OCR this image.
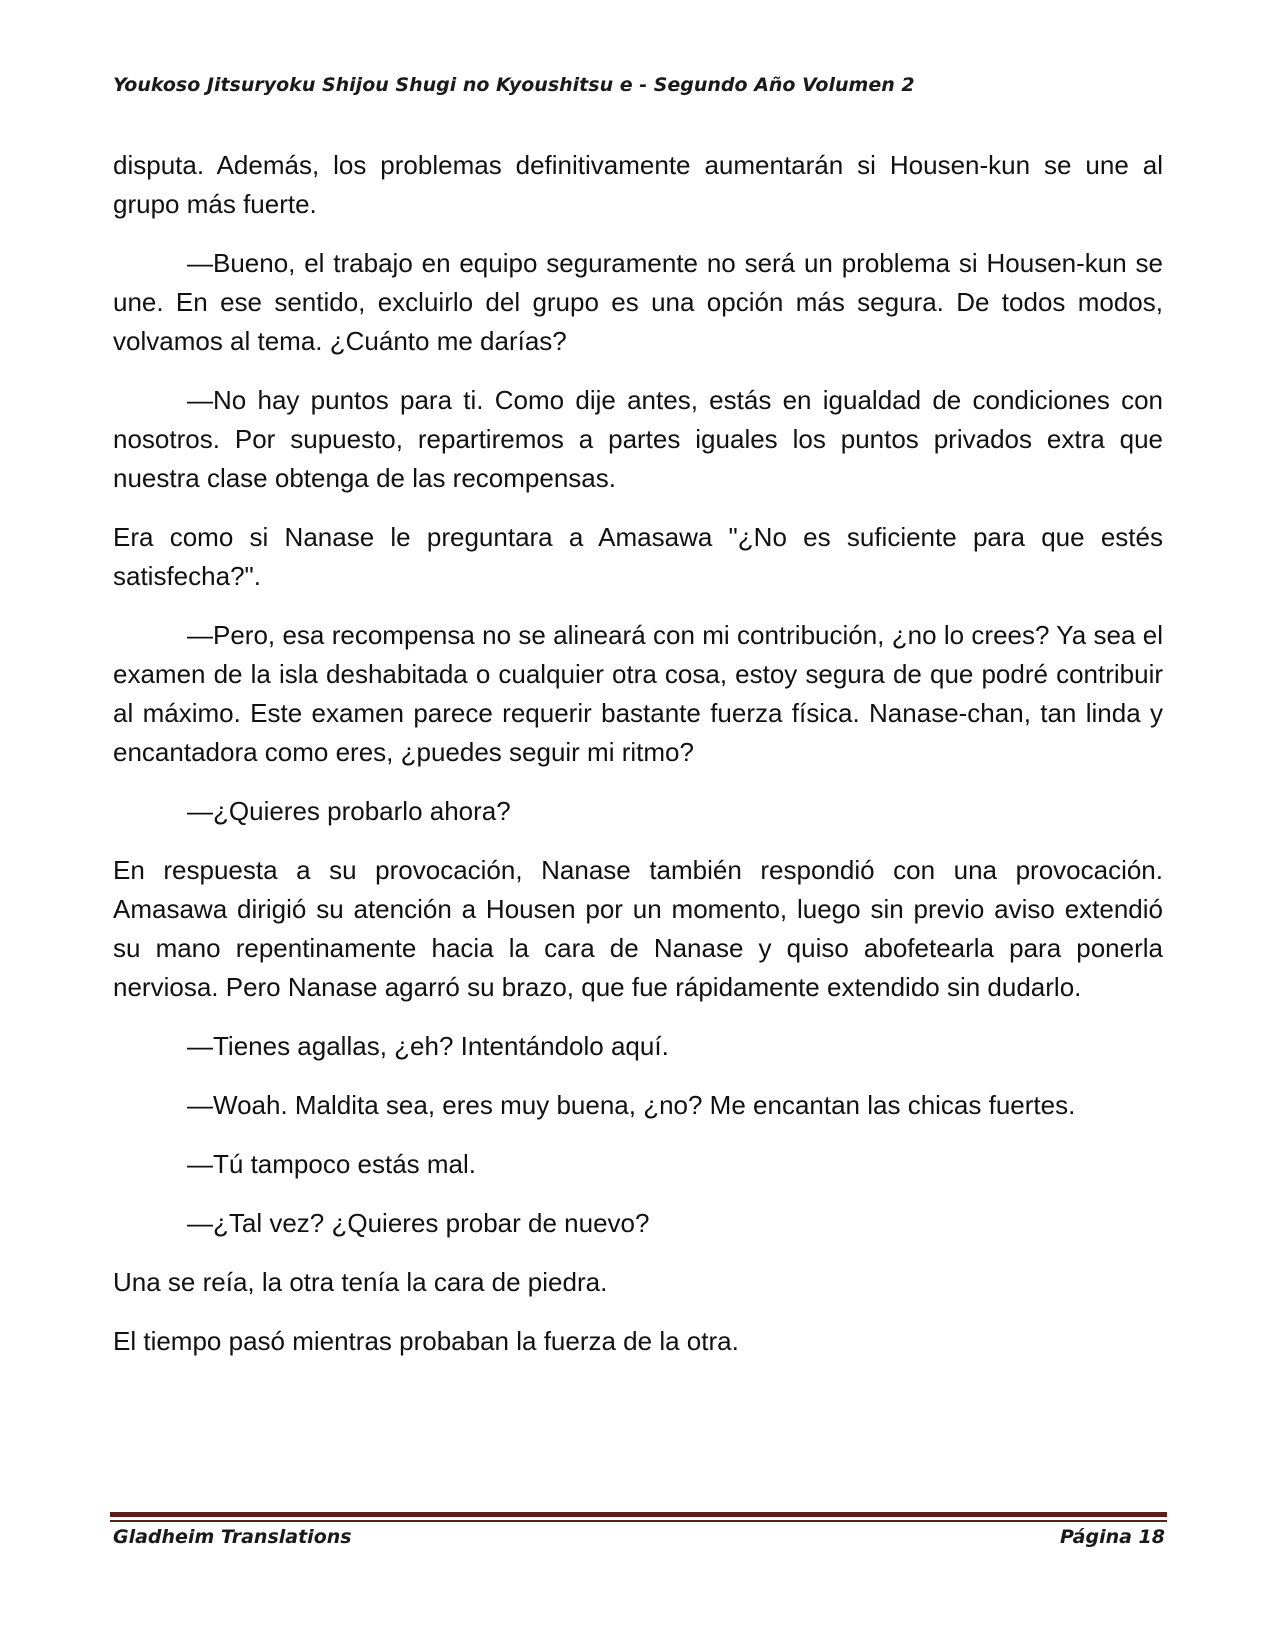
Youkoso Jitsuryoku Shijou Shugi no Kyoushitsu e - Segundo Año Volumen 2

disputa. Además, los problemas definitivamente aumentarán si Housen-kun se une al grupo más fuerte.

—Bueno, el trabajo en equipo seguramente no será un problema si Housen-kun se une. En ese sentido, excluirlo del grupo es una opción más segura. De todos modos, volvamos al tema. ¿Cuánto me darías?

—No hay puntos para ti. Como dije antes, estás en igualdad de condiciones con nosotros. Por supuesto, repartiremos a partes iguales los puntos privados extra que nuestra clase obtenga de las recompensas.

Era como si Nanase le preguntara a Amasawa "¿No es suficiente para que estés satisfecha?".

—Pero, esa recompensa no se alineará con mi contribución, ¿no lo crees? Ya sea el examen de la isla deshabitada o cualquier otra cosa, estoy segura de que podré contribuir al máximo. Este examen parece requerir bastante fuerza física. Nanase-chan, tan linda y encantadora como eres, ¿puedes seguir mi ritmo?

—¿Quieres probarlo ahora?

En respuesta a su provocación, Nanase también respondió con una provocación. Amasawa dirigió su atención a Housen por un momento, luego sin previo aviso extendió su mano repentinamente hacia la cara de Nanase y quiso abofetearla para ponerla nerviosa. Pero Nanase agarró su brazo, que fue rápidamente extendido sin dudarlo.

—Tienes agallas, ¿eh? Intentándolo aquí.

—Woah. Maldita sea, eres muy buena, ¿no? Me encantan las chicas fuertes.

—Tú tampoco estás mal.

—¿Tal vez? ¿Quieres probar de nuevo?

Una se reía, la otra tenía la cara de piedra.

El tiempo pasó mientras probaban la fuerza de la otra.

Gladheim Translations	Página 18
